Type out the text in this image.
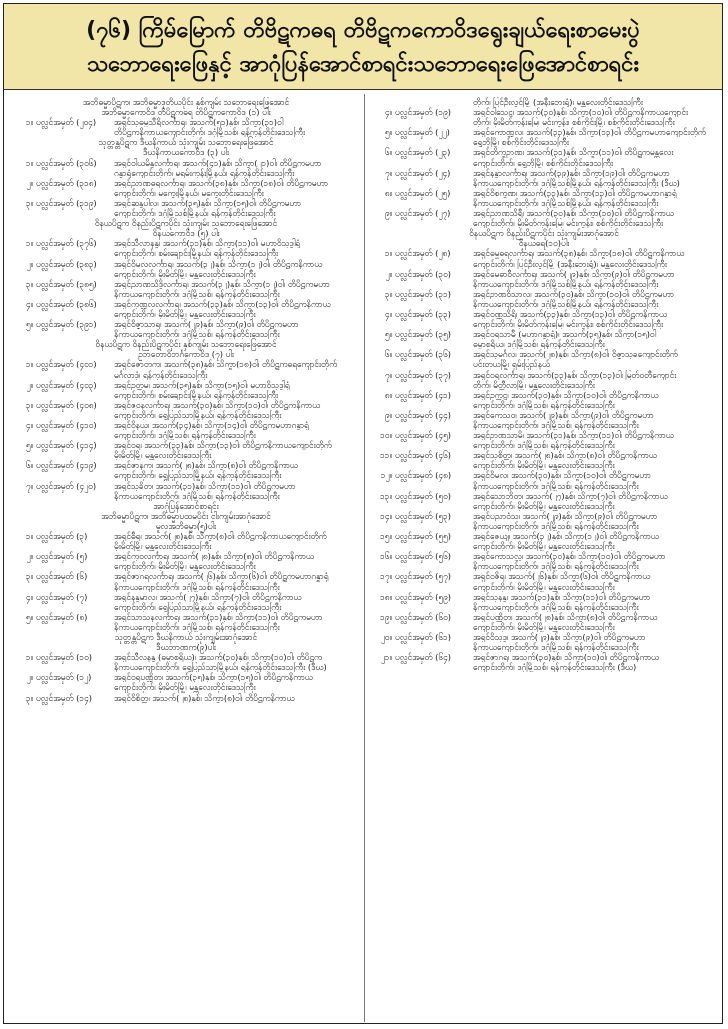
(၇၆) ကြိမ်မြောက် တိဗိဋကဓရ တိဗိဋကကောဝိဒရွေးချယ်ရေးစာမေးပွဲ
သဘောရေးဖြေနှင့် အာဂုံပြန်အောင်စာရင်းသဘောရေးဖြေအောင်စာရင်း
အဘိဓမ္မာပိဋက၊ အဘိဓမ္မာဒုတိယပိုင်း နှစ်ကျမ်း သဘောရေးဖြေအောင်
အဘိဓမ္မာကောဝိဒ တိပိဋကဓရ တိပိဋကကောဝိဒ (၁) ပါး
၁။ ပလ္လင်အမှတ် (၂၀၄)	အရှင်သုဓမ္မသီရိလင်္ကာရ၊ အသက်(၅၁)နှစ်၊ သိက္ခာ(၃၁)ဝါ
တိပိဋကနိကာယကျောင်းတိုက်၊ ဒဂုံမြို့သစ်၊ ရန်ကုန်တိုင်းဒေသကြီး
သုတ္တန္တပိဋက ဒီဃနိကာယ် သုံးကျမ်း သဘောရေးဖြေအောင်
ဒီဃနိကာယကောဝိဒ (၃) ပါး
၁။ ပလ္လင်အမှတ် (၃၀၆)	အရှင်ဝါယမိန္ဒလင်္ကာရ၊ အသက်(၄၁)နှစ်၊ သိက္ခာ(၂၁)ဝါ၊ တိပိဋကမဟာ
ဂန္ဓာရုံကျောင်းတိုက်၊ မရမ်းကုန်းမြို့နယ်၊ ရန်ကုန်တိုင်းဒေသကြီး
၂။ ပလ္လင်အမှတ် (၃၁၈)	အရှင်ညာဏဓရလင်္ကာရ၊ အသက်(၃၈)နှစ်၊ သိက္ခာ(၁၈)ဝါ၊ တိပိဋကမဟာ
ကျောင်းတိုက်၊ မကွေးမြို့နယ်၊ မကွေးတိုင်းဒေသကြီး
၃။ ပလ္လင်အမှတ် (၃၁၉)	အရှင်ဆန္ဒပါလ၊ အသက်(၃၅)နှစ်၊ သိက္ခာ(၁၅)ဝါ၊ တိပိဋကမဟာ
ကျောင်းတိုက်၊ ဒဂုံမြို့သစ်မြို့နယ်၊ ရန်ကုန်တိုင်းဒေသကြီး
ဝိနယပိဋက ဝိနည်းပိဋကပိုင်း သုံးကျမ်း သဘောရေးဖြေအောင်
ဝိနယကောဝိဒ (၅) ပါး
၁။ ပလ္လင်အမှတ် (၃၇၆)	အရှင်သီလာနန္ဒ၊ အသက်(၃၁)နှစ်၊ သိက္ခာ(၁၁)ဝါ၊ မဟာဝိသုဒ္ဓါရုံ
ကျောင်းတိုက်၊ စမ်းချောင်းမြို့နယ်၊ ရန်ကုန်တိုင်းဒေသကြီး
၂။ ပလ္လင်အမှတ် (၃၈၃)	အရှင်ဝိမလလင်္ကာရ၊ အသက်(၃၂)နှစ်၊ သိက္ခာ(၁၂)ဝါ၊ တိပိဋကနိကာယ
ကျောင်းတိုက်၊ မိုးမိတ်မြို့၊ မန္တလေးတိုင်းဒေသကြီး
၃။ ပလ္လင်အမှတ် (၃၈၅)	အရှင်ညာဏသိဒ္ဓိလင်္ကာရ၊ အသက်(၃၂)နှစ်၊ သိက္ခာ(၁၂)ဝါ၊ တိပိဋကမဟာ
နိကာယကျောင်းတိုက်၊ ဒဂုံမြို့သစ်၊ ရန်ကုန်တိုင်းဒေသကြီး
၄။ ပလ္လင်အမှတ် (၃၈၆)	အရှင်ကုဏ္ဍလလင်္ကာရ၊ အသက်(၃၃)နှစ်၊ သိက္ခာ(၁၃)ဝါ၊ တိပိဋကနိကာယ
ကျောင်းတိုက်၊ မိုးမိတ်မြို့၊ မန္တလေးတိုင်းဒေသကြီး
၅။ ပလ္လင်အမှတ် (၃၉၁)	အရှင်ဝိဇ္ဇာသာရ၊ အသက်(၂၉)နှစ်၊ သိက္ခာ(၉)ဝါ၊ တိပိဋကမဟာ
နိကာယကျောင်းတိုက်၊ ဒဂုံမြို့သစ်၊ ရန်ကုန်တိုင်းဒေသကြီး
ဝိနယပိဋက ဝိနည်းပိဋကပိုင်း နှစ်ကျမ်း သဘောရေးဖြေအောင်
ဥဘတောဝိဘင်္ဂကောဝိဒ (၇) ပါး
၁။ ပလ္လင်အမှတ် (၄၀၁)	အရှင်ဇောတက၊ အသက်(၃၈)နှစ်၊ သိက္ခာ(၁၈)ဝါ၊ တိပိဋကဓရကျောင်းတိုက်
မင်္ဂလာဒုံ၊ ရန်ကုန်တိုင်းဒေသကြီး
၂။ ပလ္လင်အမှတ် (၄၀၃)	အရှင်ဥတ္တမ၊ အသက်(၃၅)နှစ်၊ သိက္ခာ(၁၅)ဝါ၊ မဟာဝိသုဒ္ဓါရုံ
ကျောင်းတိုက်၊ စမ်းချောင်းမြို့နယ်၊ ရန်ကုန်တိုင်းဒေသကြီး
၃။ ပလ္လင်အမှတ် (၄၀၈)	အရှင်ဇဝနလင်္ကာရ၊ အသက်(၃၀)နှစ်၊ သိက္ခာ(၁၀)ဝါ၊ တိပိဋကနိကာယ
ကျောင်းတိုက်၊ ရွှေပြည်သာမြို့နယ်၊ ရန်ကုန်တိုင်းဒေသကြီး
၄။ ပလ္လင်အမှတ် (၄၁၀)	အရှင်ဝိနယ၊ အသက်(၃၄)နှစ်၊ သိက္ခာ(၁၄)ဝါ၊ တိပိဋကမဟာဂန္ဓာရုံ
ကျောင်းတိုက်၊ ဒဂုံမြို့သစ်၊ ရန်ကုန်တိုင်းဒေသကြီး
၅။ ပလ္လင်အမှတ် (၄၁၄)	အရှင်ဝရ၊ အသက်(၃၃)နှစ်၊ သိက္ခာ(၁၃)ဝါ၊ တိပိဋကနိကာယကျောင်းတိုက်
မိုးမိတ်မြို့၊ မန္တလေးတိုင်းဒေသကြီး
၆။ ပလ္လင်အမှတ် (၄၁၉)	အရှင်ဇာနက၊ အသက်(၂၈)နှစ်၊ သိက္ခာ(၈)ဝါ၊ တိပိဋကနိကာယ
ကျောင်းတိုက်၊ ရွှေပြည်သာမြို့နယ်၊ ရန်ကုန်တိုင်းဒေသကြီး
၇။ ပလ္လင်အမှတ် (၄၂၀)	အရှင်သုခိတ၊ အသက်(၃၁)နှစ်၊ သိက္ခာ(၁၁)ဝါ၊ တိပိဋကမဟာ
နိကာယကျောင်းတိုက်၊ ဒဂုံမြို့သစ်၊ ရန်ကုန်တိုင်းဒေသကြီး
အာဂုံပြန်အောင်စာရင်း
အဘိဓမ္မာပိဋက၊ အဘိဓမ္မာပထမပိုင်း ငါးကျမ်းအာဂုံအောင်
မူလအဘိဓမ္မာ(၅)ပါး
၁။ ပလ္လင်အမှတ် (၃)	အရှင်ဓီရ၊ အသက်(၂၈)နှစ်၊ သိက္ခာ(၈)ဝါ၊ တိပိဋကနိကာယကျောင်းတိုက်
မိုးမိတ်မြို့၊ မန္တလေးတိုင်းဒေသကြီး
၂။ ပလ္လင်အမှတ် (၅)	အရှင်ကုဝလင်္ကာရ၊ အသက်(၂၈)နှစ်၊ သိက္ခာ(၈)ဝါ၊ တိပိဋကနိကာယ
ကျောင်းတိုက်၊ မိုးမိတ်မြို့၊ မန္တလေးတိုင်းဒေသကြီး
၃။ ပလ္လင်အမှတ် (၆)	အရှင်ဇာဂရလင်္ကာရ၊ အသက်(၂၆)နှစ်၊ သိက္ခာ(၆)ဝါ၊ တိပိဋကမဟာဂန္ဓာရုံ
နိကာယကျောင်းတိုက်၊ ဒဂုံမြို့သစ်၊ ရန်ကုန်တိုင်းဒေသကြီး
၄။ ပလ္လင်အမှတ် (၇)	အရှင်နန္ဒမာလ၊ အသက်(၂၇)နှစ်၊ သိက္ခာ(၇)ဝါ၊ တိပိဋကနိကာယ
ကျောင်းတိုက်၊ ရွှေပြည်သာမြို့နယ်၊ ရန်ကုန်တိုင်းဒေသကြီး
၅။ ပလ္လင်အမှတ် (၈)	အရှင်သာသနလင်္ကာရ၊ အသက်(၃၁)နှစ်၊ သိက္ခာ(၁၁)ဝါ၊ တိပိဋကမဟာ
နိကာယကျောင်းတိုက်၊ ဒဂုံမြို့သစ်၊ ရန်ကုန်တိုင်းဒေသကြီး
သုတ္တန္တပိဋက ဒီဃနိကာယ် သုံးကျမ်းအာဂုံအောင်
ဒီဃဘာဏက(၉)ပါး
၁။ ပလ္လင်အမှတ် (၁၀)	အရှင်သီလနန္ဒ (ဓမ္မာစရိယ)၊ အသက်(၃၀)နှစ်၊ သိက္ခာ(၁၀)ဝါ၊ တိပိဋက
နိကာယကျောင်းတိုက်၊ ရွှေပြည်သာမြို့နယ်၊ ရန်ကုန်တိုင်းဒေသကြီး (ဒီဃ)
၂။ ပလ္လင်အမှတ် (၁၂)	အရှင်ဝရပဏ္ဍိတ၊ အသက်(၃၅)နှစ်၊ သိက္ခာ(၁၅)ဝါ၊ တိပိဋကနိကာယ
ကျောင်းတိုက်၊ မိုးမိတ်မြို့၊ မန္တလေးတိုင်းဒေသကြီး
၃။ ပလ္လင်အမှတ် (၁၄)	အရှင်ဝိစိတ္တ၊ အသက်(၂၈)နှစ်၊ သိက္ခာ(၈)ဝါ၊ တိပိဋကနိကာယ
တိုက်၊ ပြင်ဦးလွင်မြို့ (အနီးဘေးရုံ)၊ မန္တလေးတိုင်းဒေသကြီး
၄။ ပလ္လင်အမှတ် (၁၉)	အရှင်ဝါသေဋ္ဌ၊ အသက်(၃၀)နှစ်၊ သိက္ခာ(၁၀)ဝါ၊ တိပိဋကနိကာယကျောင်း
တိုက်၊ မိုးမိတ်ကုန်းမြေ၊ မင်းကွန်း၊ စစ်ကိုင်းမြို့၊ စစ်ကိုင်းတိုင်းဒေသကြီး
၅။ ပလ္လင်အမှတ် (၂၂)	အရှင်ကောဏ္ဍလ၊ အသက်(၃၃)နှစ်၊ သိက္ခာ(၁၃)ဝါ၊ တိပိဋကမဟာကျောင်းတိုက်
ရွှေဘိုမြို့၊ စစ်ကိုင်းတိုင်းဒေသကြီး
၆။ ပလ္လင်အမှတ် (၂၃)	အရှင်တိက္ခဉာဏ၊ အသက်(၃၁)နှစ်၊ သိက္ခာ(၁၁)ဝါ၊ တိပိဋကမန္တလေး
ကျောင်းတိုက်၊ ရွှေဘိုမြို့၊ စစ်ကိုင်းတိုင်းဒေသကြီး
၇။ ပလ္လင်အမှတ် (၂၄)	အရှင်နန္ဒာလင်္ကာရ၊ အသက်(၃၉)နှစ်၊ သိက္ခာ(၁၉)ဝါ၊ တိပိဋကမဟာ
နိကာယကျောင်းတိုက်၊ ဒဂုံမြို့သစ်မြို့နယ်၊ ရန်ကုန်တိုင်းဒေသကြီး (ဒီဃ)
၈။ ပလ္လင်အမှတ် (၂၅)	အရှင်ဝိစက္ခဏ၊ အသက်(၃၃)နှစ်၊ သိက္ခာ(၁၃)ဝါ၊ တိပိဋကမဟာဂန္ဓာရုံ
နိကာယကျောင်းတိုက်၊ ဒဂုံမြို့သစ်မြို့နယ်၊ ရန်ကုန်တိုင်းဒေသကြီး
၉။ ပလ္လင်အမှတ် (၂၇)	အရှင်ညာဏသိရီ၊ အသက်(၃၀)နှစ်၊ သိက္ခာ(၁၀)ဝါ၊ တိပိဋကနိကာယ
ကျောင်းတိုက်၊ မိုးမိတ်ကုန်းမြေ၊ မင်းကွန်း၊ စစ်ကိုင်းတိုင်းဒေသကြီး
ဝိနယပိဋက ဝိနည်းပိဋကပိုင်း သုံးကျမ်းအာဂုံအောင်
ဝိနယဓရ(၁၀)ပါး
၁။ ပလ္လင်အမှတ် (၂၈)	အရှင်ဓမ္မဓရလင်္ကာရ၊ အသက်(၃၈)နှစ်၊ သိက္ခာ(၁၈)ဝါ၊ တိပိဋကနိကာယ
ကျောင်းတိုက်၊ ပြင်ဦးလွင်မြို့ (အနီးဘေးရုံ)၊ မန္တလေးတိုင်းဒေသကြီး
၂။ ပလ္လင်အမှတ် (၃၀)	အရှင်မေဓာဝီလင်္ကာရ၊ အသက်(၂၉)နှစ်၊ သိက္ခာ(၉)ဝါ၊ တိပိဋကမဟာ
နိကာယကျောင်းတိုက်၊ ဒဂုံမြို့သစ်မြို့နယ်၊ ရန်ကုန်တိုင်းဒေသကြီး
၃။ ပလ္လင်အမှတ် (၃၁)	အရှင်ဉာဏဝိသာလ၊ အသက်(၃၀)နှစ်၊ သိက္ခာ(၁၀)ဝါ၊ တိပိဋကမဟာ
နိကာယကျောင်းတိုက်၊ ဒဂုံမြို့သစ်မြို့နယ်၊ ရန်ကုန်တိုင်းဒေသကြီး
၄။ ပလ္လင်အမှတ် (၃၃)	အရှင်ဝဏ္ဏသိရိ၊ အသက်(၃၃)နှစ်၊ သိက္ခာ(၁၃)ဝါ၊ တိပိဋကနိကာယ
ကျောင်းတိုက်၊ မိုးမိတ်ကုန်းမြေ၊ မင်းကွန်း၊ စစ်ကိုင်းတိုင်းဒေသကြီး
၅။ ပလ္လင်အမှတ် (၃၅)	အရှင်ဝရသာမီ (မဟာဂန္ဓာရုံ)၊ အသက်(၃၅)နှစ်၊ သိက္ခာ(၁၅)ဝါ
ဓမ္မာစရိယ၊ ဒဂုံမြို့သစ်၊ ရန်ကုန်တိုင်းဒေသကြီး
၆။ ပလ္လင်အမှတ် (၃၆)	အရှင်သုမင်္ဂလ၊ အသက်(၂၈)နှစ်၊ သိက္ခာ(၈)ဝါ၊ ဝိဇ္ဇာသုခကျောင်းတိုက်
ပင်းတယမြို့၊ ရှမ်းပြည်နယ်
၇။ ပလ္လင်အမှတ် (၃၇)	အရှင်ဝရလင်္ကာရ၊ အသက်(၃၃)နှစ်၊ သိက္ခာ(၁၃)ဝါ၊ မြတ်ဝတီကျောင်း
တိုက်၊ မိတ္ထီလာမြို့၊ မန္တလေးတိုင်းဒေသကြီး
၈။ ပလ္လင်အမှတ် (၄၁)	အရှင်ဥက္ကဋ္ဌ၊ အသက်(၃၀)နှစ်၊ သိက္ခာ(၁၀)ဝါ၊ တိပိဋကနိကာယ
ကျောင်းတိုက်၊ ဒဂုံမြို့သစ်၊ ရန်ကုန်တိုင်းဒေသကြီး
၉။ ပလ္လင်အမှတ် (၄၄)	အရှင်ကေသဝ၊ အသက်(၂၉)နှစ်၊ သိက္ခာ(၉)ဝါ၊ တိပိဋကမဟာ
နိကာယကျောင်းတိုက်၊ ဒဂုံမြို့သစ်၊ ရန်ကုန်တိုင်းဒေသကြီး
၁၀။ ပလ္လင်အမှတ် (၄၅)	အရှင်ဉာဏသာမိ၊ အသက်(၃၁)နှစ်၊ သိက္ခာ(၁၁)ဝါ၊ တိပိဋကနိကာယ
ကျောင်းတိုက်၊ ဒဂုံမြို့သစ်၊ ရန်ကုန်တိုင်းဒေသကြီး
၁၁။ ပလ္လင်အမှတ် (၄၆)	အရှင်သုစိတ္တ၊ အသက်(၂၈)နှစ်၊ သိက္ခာ(၈)ဝါ၊ တိပိဋကနိကာယ
ကျောင်းတိုက်၊ မိုးမိတ်မြို့၊ မန္တလေးတိုင်းဒေသကြီး
၁၂။ ပလ္လင်အမှတ် (၄၈)	အရှင်ဝိမလ၊ အသက်(၃၀)နှစ်၊ သိက္ခာ(၁၀)ဝါ၊ တိပိဋကမဟာ
နိကာယကျောင်းတိုက်၊ ဒဂုံမြို့သစ်၊ ရန်ကုန်တိုင်းဒေသကြီး
၁၃။ ပလ္လင်အမှတ် (၅၀)	အရှင်သောဘိတ၊ အသက်(၂၇)နှစ်၊ သိက္ခာ(၇)ဝါ၊ တိပိဋကနိကာယ
ကျောင်းတိုက်၊ မိုးမိတ်မြို့၊ မန္တလေးတိုင်းဒေသကြီး
၁၄။ ပလ္လင်အမှတ် (၅၃)	အရှင်ပညာဝံသ၊ အသက်(၂၉)နှစ်၊ သိက္ခာ(၉)ဝါ၊ တိပိဋကမဟာ
နိကာယကျောင်းတိုက်၊ ဒဂုံမြို့သစ်၊ ရန်ကုန်တိုင်းဒေသကြီး
၁၅။ ပလ္လင်အမှတ် (၅၅)	အရှင်ဇေယျ၊ အသက်(၃၂)နှစ်၊ သိက္ခာ(၁၂)ဝါ၊ တိပိဋကနိကာယ
ကျောင်းတိုက်၊ မိုးမိတ်မြို့၊ မန္တလေးတိုင်းဒေသကြီး
၁၆။ ပလ္လင်အမှတ် (၅၆)	အရှင်ကောသလ္လ၊ အသက်(၃၀)နှစ်၊ သိက္ခာ(၁၀)ဝါ၊ တိပိဋကမဟာ
နိကာယကျောင်းတိုက်၊ ဒဂုံမြို့သစ်၊ ရန်ကုန်တိုင်းဒေသကြီး
၁၇။ ပလ္လင်အမှတ် (၅၇)	အရှင်ဝဇိရ၊ အသက်(၂၆)နှစ်၊ သိက္ခာ(၆)ဝါ၊ တိပိဋကနိကာယ
ကျောင်းတိုက်၊ မိုးမိတ်မြို့၊ မန္တလေးတိုင်းဒေသကြီး
၁၈။ ပလ္လင်အမှတ် (၅၉)	အရှင်သုနန္ဒ၊ အသက်(၃၁)နှစ်၊ သိက္ခာ(၁၁)ဝါ၊ တိပိဋကမဟာ
နိကာယကျောင်းတိုက်၊ ဒဂုံမြို့သစ်၊ ရန်ကုန်တိုင်းဒေသကြီး
၁၉။ ပလ္လင်အမှတ် (၆၀)	အရှင်ပဏ္ဍိတ၊ အသက်(၂၈)နှစ်၊ သိက္ခာ(၈)ဝါ၊ တိပိဋကနိကာယ
ကျောင်းတိုက်၊ မိုးမိတ်မြို့၊ မန္တလေးတိုင်းဒေသကြီး
၂၀။ ပလ္လင်အမှတ် (၆၁)	အရှင်ဝိသုဒ္ဓ၊ အသက်(၂၉)နှစ်၊ သိက္ခာ(၉)ဝါ၊ တိပိဋကမဟာ
နိကာယကျောင်းတိုက်၊ ဒဂုံမြို့သစ်၊ ရန်ကုန်တိုင်းဒေသကြီး
၂၁။ ပလ္လင်အမှတ် (၆၄)	အရှင်ဇာဂရ၊ အသက်(၃၀)နှစ်၊ သိက္ခာ(၁၀)ဝါ၊ တိပိဋကနိကာယ
ကျောင်းတိုက်၊ ဒဂုံမြို့သစ်၊ ရန်ကုန်တိုင်းဒေသကြီး (ဒီဃ)
